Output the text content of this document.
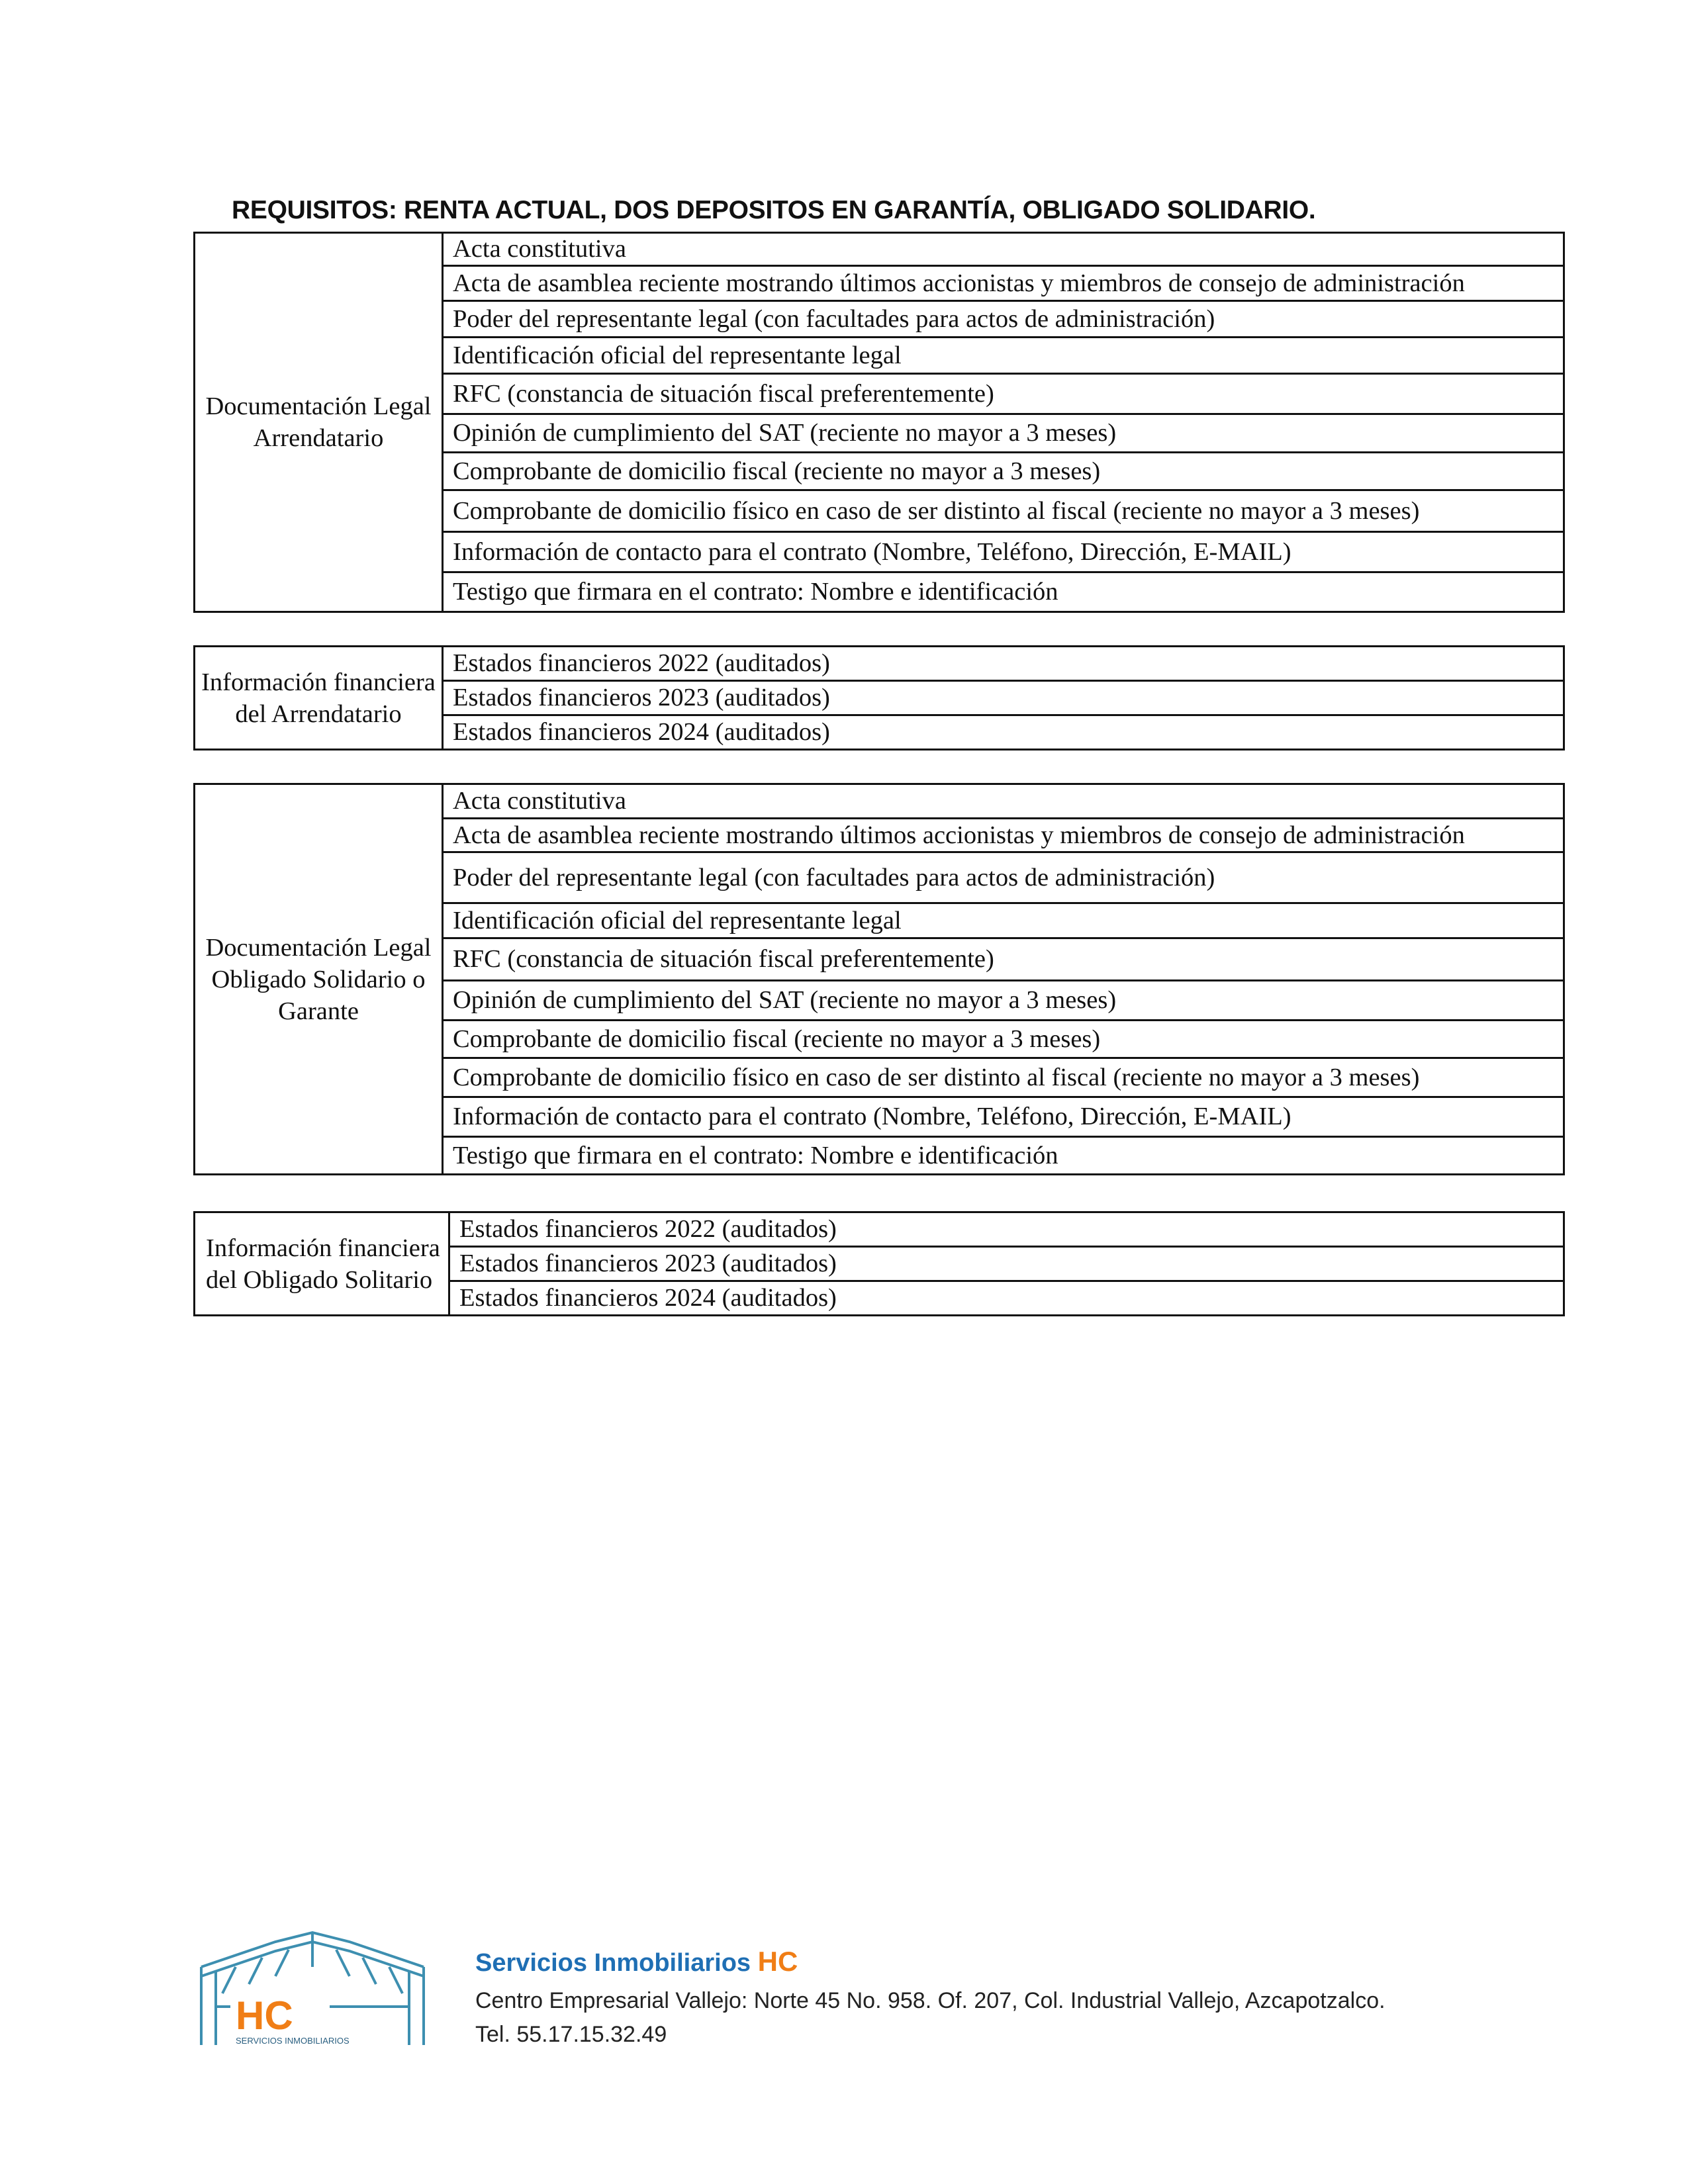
REQUISITOS: RENTA ACTUAL, DOS DEPOSITOS EN GARANTÍA, OBLIGADO SOLIDARIO.
Documentación Legal Arrendatario	Acta constitutiva
Acta de asamblea reciente mostrando últimos accionistas y miembros de consejo de administración
Poder del representante legal (con facultades para actos de administración)
Identificación oficial del representante legal
RFC (constancia de situación fiscal preferentemente)
Opinión de cumplimiento del SAT (reciente no mayor a 3 meses)
Comprobante de domicilio fiscal (reciente no mayor a 3 meses)
Comprobante de domicilio físico en caso de ser distinto al fiscal (reciente no mayor a 3 meses)
Información de contacto para el contrato (Nombre, Teléfono, Dirección, E-MAIL)
Testigo que firmara en el contrato: Nombre e identificación
Información financiera del Arrendatario	Estados financieros 2022 (auditados)
Estados financieros 2023 (auditados)
Estados financieros 2024 (auditados)
Documentación Legal Obligado Solidario o Garante	Acta constitutiva
Acta de asamblea reciente mostrando últimos accionistas y miembros de consejo de administración
Poder del representante legal (con facultades para actos de administración)
Identificación oficial del representante legal
RFC (constancia de situación fiscal preferentemente)
Opinión de cumplimiento del SAT (reciente no mayor a 3 meses)
Comprobante de domicilio fiscal (reciente no mayor a 3 meses)
Comprobante de domicilio físico en caso de ser distinto al fiscal (reciente no mayor a 3 meses)
Información de contacto para el contrato (Nombre, Teléfono, Dirección, E-MAIL)
Testigo que firmara en el contrato: Nombre e identificación
Información financiera del Obligado Solitario	Estados financieros 2022 (auditados)
Estados financieros 2023 (auditados)
Estados financieros 2024 (auditados)
HC
SERVICIOS INMOBILIARIOS
Servicios Inmobiliarios HC
Centro Empresarial Vallejo: Norte 45 No. 958. Of. 207, Col. Industrial Vallejo, Azcapotzalco.
Tel. 55.17.15.32.49
